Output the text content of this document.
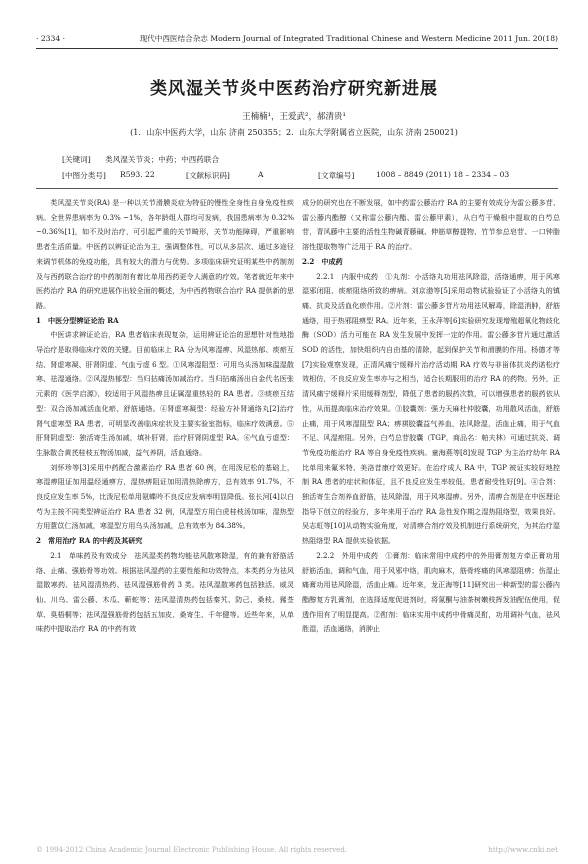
· 2334 ·	现代中西医结合杂志 Modern Journal of Integrated Traditional Chinese and Western Medicine 2011 Jun. 20(18)
类风湿关节炎中医药治疗研究新进展
王楠楠¹，王爱武²，郝清贵¹
(1．山东中医药大学，山东 济南 250355；2．山东大学附属省立医院，山东 济南 250021)
[关键词] 类风湿关节炎；中药；中西药联合
[中图分类号] R593. 22	[文献标识码]	A	[文章编号]	1008 – 8849 (2011) 18 – 2334 – 03

类风湿关节炎(RA) 是一种以关节滑膜炎症为特征的慢性全身性自身免疫性疾病。全世界患病率为 0.3% ~1%，各年龄组人群均可发病，我国患病率为 0.32% ~0.36%[1]，如不及时治疗，可引起严重的关节畸形，关节功能障碍，严重影响患者生活质量。中医药以辨证论治为主，强调整体性，可以从多层次、通过多途径来调节机体的免疫功能，具有较大的潜力与优势。多项临床研究证明某些中药制剂及与西药联合治疗的中药制剂有着比单用西药更令人满意的疗效。笔者就近年来中医药治疗 RA 的研究进展作出较全面的概述，为中西药物联合治疗 RA 提供新的思路。

1　中医分型辨证论治 RA

中医讲求辨证论治，RA 患者临床表现复杂，运用辨证论治的思想针对性地指导治疗是取得临床疗效的关键。目前临床上 RA 分为风寒湿痹、风湿热郁、痰瘀互结、肾虚寒凝、肝肾阴虚、气血亏虚 6 型。①风寒湿阻型：可用乌头汤加味温湿散寒、祛湿通络。②风湿热郁型：当归拈痛汤加减治疗。当归拈痛汤出自金代名医张元素的《医学启源》，较适用于风湿热痹且证属湿重热轻的 RA 患者。③痰瘀互结型：双合汤加减活血化瘀、舒筋通络。④肾虚寒凝型：经验方补肾通络丸[2]治疗肾气虚寒型 RA 患者，可明显改善临床症状及主要实验室指标，临床疗效满意。⑤肝肾阴虚型：独活寄生汤加减，填补肝肾，治疗肝肾阴虚型 RA。⑥气血亏虚型：生脉散合黄芪桂枝五物汤加减，益气养阴，活血通络。

刘怀珍等[3]采用中药配合激素治疗 RA 患者 60 例，在用泼尼松的基础上，寒湿痹阻证加用温经通痹方，湿热痹阻证加用清热除痹方，总有效率 91.7%，不良反应发生率 5%，比泼尼松单用氨蝶呤不良反应发病率明显降低。张长河[4]以白芍为主按不同类型辨证治疗 RA 患者 32 例，风湿型方用白虎桂枝汤加味，湿热型方用薏苡仁汤加减，寒湿型方用乌头汤加减，总有效率为 84.38%。

2　常用治疗 RA 的中药及其研究

2.1　单味药及有效成分　祛风湿类药物均能祛风散寒除湿，有的兼有舒筋活络、止痛、强筋骨等功效。根据祛风湿药的主要性能和功效特点，本类药分为祛风湿散寒药、祛风湿清热药、祛风湿强筋骨药 3 类。祛风湿散寒药包括独活、威灵仙、川乌、雷公藤、木瓜、蕲蛇等；祛风湿清热药包括秦艽、防己、桑枝、豨莶草、臭梧桐等；祛风湿强筋骨药包括五加皮、桑寄生、千年健等。近些年来，从单味药中提取治疗 RA 的中药有效

成分的研究也在不断发展，如中药雷公藤治疗 RA 的主要有效成分为雷公藤多苷、雷公藤内酯醇（又称雷公藤内酯、雷公藤甲素），从白芍干燥根中提取的白芍总苷，青风藤中主要的活性生物碱青藤碱、伸筋草醇提物、竹节参总皂苷、一口钟脂溶性提取物等广泛用于 RA 的治疗。

2.2　中成药

2.2.1　内服中成药　①丸剂：小活络丸功用祛风除湿，活络通痹，用于风寒湿邪闭阻、痰瘀阻络所致的痹病。刘京渤等[5]采用动物试验验证了小活络丸的镇痛、抗炎及活血化瘀作用。②片剂：雷公藤多苷片功用祛风解毒，除湿消肿，舒筋通络，用于热邪阻痹型 RA。近年来，王永萍等[6]实验研究发现增殖超氧化物歧化酶（SOD）活力可能在 RA 发生发展中发挥一定的作用。雷公藤多苷片通过激活 SOD 的活性，加快组织内自由基的清除，起到保护关节和滑膜的作用。杨德才等[7]实验观察发现，正清风痛宁缓释片治疗活动期 RA 疗效与非甾体抗炎药诺松疗效相仿，不良反应发生率亦与之相当，适合长期服用的治疗 RA 的药物。另外，正清风痛宁缓释片采用缓释剂型，降低了患者的服药次数，可以增强患者的服药依从性，从而提高临床治疗效果。③胶囊剂：强力天麻杜仲胶囊，功用散风活血，舒筋止痛，用于风寒湿阻型 RA；痹祺胶囊益气养血，祛风除湿，活血止痛，用于气血不足、风湿瘀阻。另外，白芍总苷胶囊（TGP，商品名：帕夫林）可通过抗炎、调节免疫功能治疗 RA 等自身免疫性疾病。童海燕等[8]发现 TGP 为主治疗幼年 RA 比单用来氟米特、美洛昔康疗效更好。在治疗成人 RA 中，TGP 被证实较好地控制 RA 患者的症状和体征，且不良反应发生率较低，患者耐受性好[9]。④合剂：独活寄生合剂养血舒筋，祛风除湿，用于风寒湿痹。另外，清痹合剂是在中医理论指导下创立的经验方，多年来用于治疗 RA 急性发作期之湿热阻络型，效果良好。吴志虹等[10]从动物实验角度，对清痹合剂疗效及机制进行系统研究，为其治疗湿热阻络型 RA 提供实验依据。

2.2.2　外用中成药　①膏剂：临床常用中成药中的外用膏剂复方牵正膏功用舒筋活血，调和气血，用于风邪中络，肌肉麻木，筋骨疼痛的风寒湿阻痹；伤湿止痛膏功用祛风除湿，活血止痛。近年来，龙正海等[11]研究出一种新型的雷公藤内酯醇复方乳膏剂，在选择适度促进剂时，将氮酮与油茶树嫩枝挥发油配伍使用，促透作用有了明显提高。②酊剂：临床实用中成药中骨痛灵酊，功用调补气血，祛风胜湿，活血通络，消肿止

© 1994-2012 China Academic Journal Electronic Publishing House. All rights reserved.	http://www.cnki.net
